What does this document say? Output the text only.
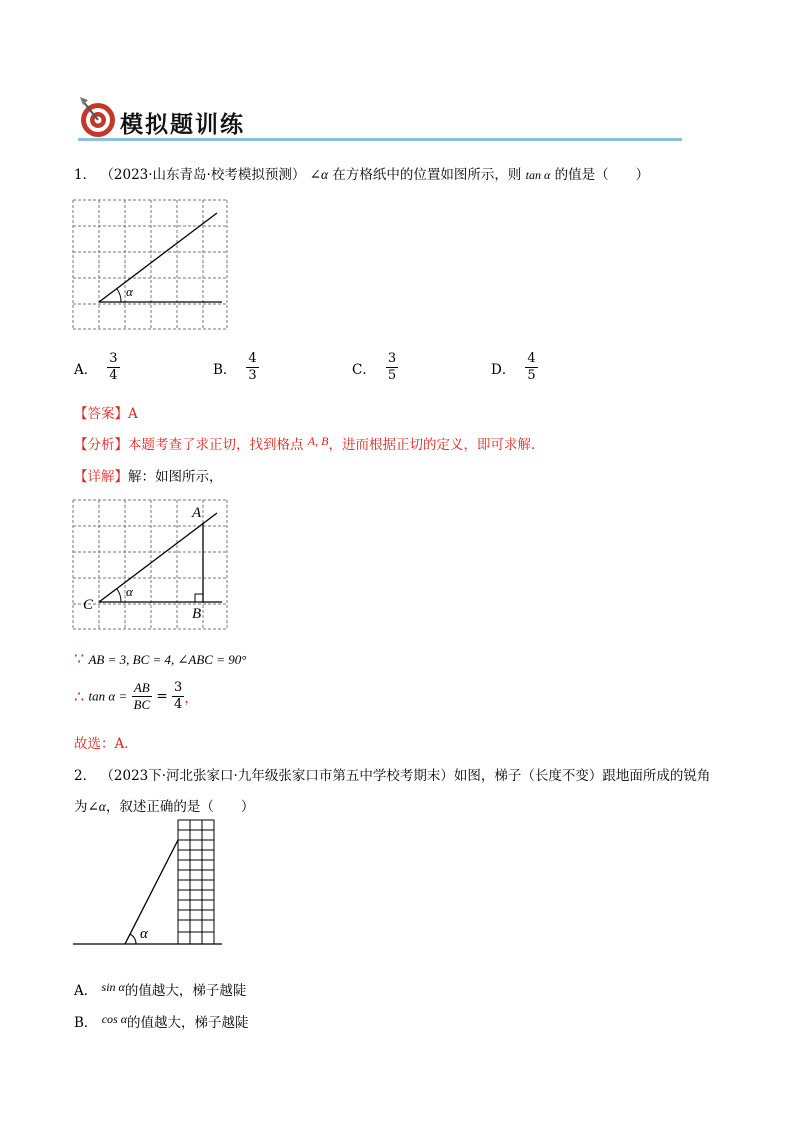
模拟题训练
1． （2023·山东青岛·校考模拟预测） ∠α 在方格纸中的位置如图所示，则 tan α 的值是（　　）
α
A． $\frac{3}{4}$	B． $\frac{4}{3}$	C． $\frac{3}{5}$	D． $\frac{4}{5}$
【答案】A
【分析】本题考查了求正切，找到格点 A, B，进而根据正切的定义，即可求解．
【详解】解：如图所示，
α
A
B
C
∵ AB = 3, BC = 4, ∠ABC = 90°
∴ $\tan \alpha = \frac{AB}{BC} = \frac{3}{4}$ ，
故选：A．
2． （2023下·河北张家口·九年级张家口市第五中学校考期末）如图，梯子（长度不变）跟地面所成的锐角
为∠α，叙述正确的是（　　）
α
A． sin α的值越大，梯子越陡
B． cos α的值越大，梯子越陡
